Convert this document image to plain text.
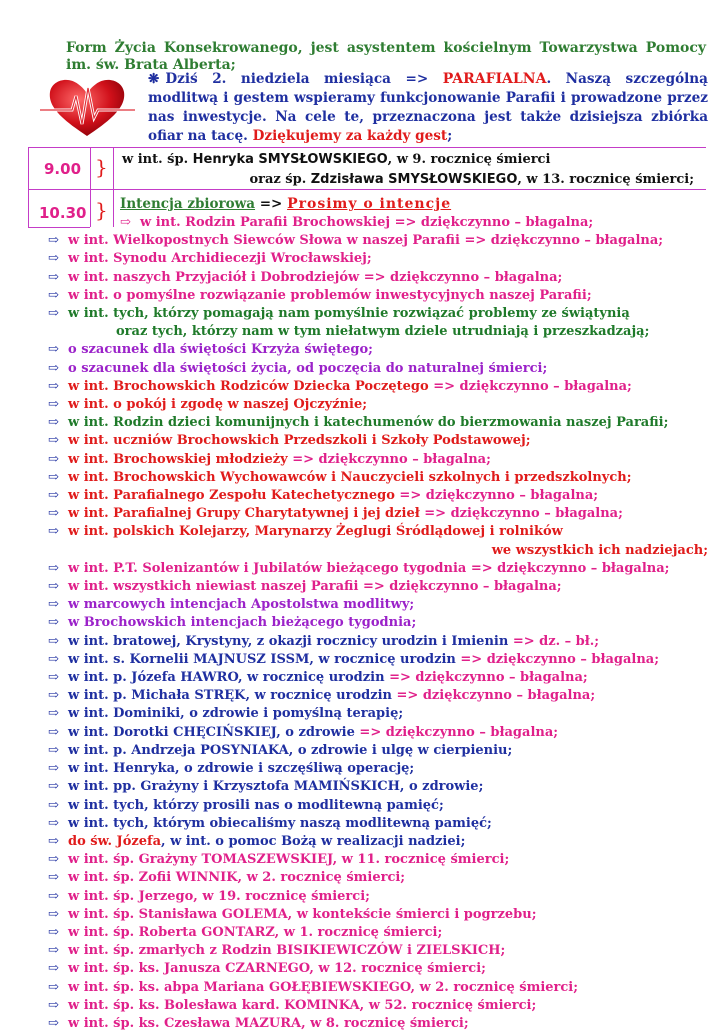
Form Życia Konsekrowanego, jest asystentem kościelnym Towarzystwa Pomocy im. św. Brata Alberta;
❋ Dziś 2. niedziela miesiąca => PARAFIALNA. Naszą szczególną modlitwą i gestem wspieramy funkcjonowanie Parafii i prowadzone przez nas inwestycje. Na cele te, przeznaczona jest także dzisiejsza zbiórka ofiar na tacę. Dziękujemy za każdy gest;
9.00 } w int. śp. Henryka SMYSŁOWSKIEGO, w 9. rocznicę śmierci
oraz śp. Zdzisława SMYSŁOWSKIEGO, w 13. rocznicę śmierci;
10.30 } Intencja zbiorowa => Prosimy o intencje
⇨ w int. Rodzin Parafii Brochowskiej => dziękczynno – błagalna;
⇨ w int. Wielkopostnych Siewców Słowa w naszej Parafii => dziękczynno – błagalna;
⇨ w int. Synodu Archidiecezji Wrocławskiej;
⇨ w int. naszych Przyjaciół i Dobrodziejów => dziękczynno – błagalna;
⇨ w int. o pomyślne rozwiązanie problemów inwestycyjnych naszej Parafii;
⇨ w int. tych, którzy pomagają nam pomyślnie rozwiązać problemy ze świątynią
oraz tych, którzy nam w tym niełatwym dziele utrudniają i przeszkadzają;
⇨ o szacunek dla świętości Krzyża świętego;
⇨ o szacunek dla świętości życia, od poczęcia do naturalnej śmierci;
⇨ w int. Brochowskich Rodziców Dziecka Poczętego => dziękczynno – błagalna;
⇨ w int. o pokój i zgodę w naszej Ojczyźnie;
⇨ w int. Rodzin dzieci komunijnych i katechumenów do bierzmowania naszej Parafii;
⇨ w int. uczniów Brochowskich Przedszkoli i Szkoły Podstawowej;
⇨ w int. Brochowskiej młodzieży => dziękczynno – błagalna;
⇨ w int. Brochowskich Wychowawców i Nauczycieli szkolnych i przedszkolnych;
⇨ w int. Parafialnego Zespołu Katechetycznego => dziękczynno – błagalna;
⇨ w int. Parafialnej Grupy Charytatywnej i jej dzieł => dziękczynno – błagalna;
⇨ w int. polskich Kolejarzy, Marynarzy Żeglugi Śródlądowej i rolników
we wszystkich ich nadziejach;
⇨ w int. P.T. Solenizantów i Jubilatów bieżącego tygodnia => dziękczynno – błagalna;
⇨ w int. wszystkich niewiast naszej Parafii => dziękczynno – błagalna;
⇨ w marcowych intencjach Apostolstwa modlitwy;
⇨ w Brochowskich intencjach bieżącego tygodnia;
⇨ w int. bratowej, Krystyny, z okazji rocznicy urodzin i Imienin => dz. – bł.;
⇨ w int. s. Kornelii MAJNUSZ ISSM, w rocznicę urodzin => dziękczynno – błagalna;
⇨ w int. p. Józefa HAWRO, w rocznicę urodzin => dziękczynno – błagalna;
⇨ w int. p. Michała STRĘK, w rocznicę urodzin => dziękczynno – błagalna;
⇨ w int. Dominiki, o zdrowie i pomyślną terapię;
⇨ w int. Dorotki CHĘCIŃSKIEJ, o zdrowie => dziękczynno – błagalna;
⇨ w int. p. Andrzeja POSYNIAKA, o zdrowie i ulgę w cierpieniu;
⇨ w int. Henryka, o zdrowie i szczęśliwą operację;
⇨ w int. pp. Grażyny i Krzysztofa MAMIŃSKICH, o zdrowie;
⇨ w int. tych, którzy prosili nas o modlitewną pamięć;
⇨ w int. tych, którym obiecaliśmy naszą modlitewną pamięć;
⇨ do św. Józefa, w int. o pomoc Bożą w realizacji nadziei;
⇨ w int. śp. Grażyny TOMASZEWSKIEJ, w 11. rocznicę śmierci;
⇨ w int. śp. Zofii WINNIK, w 2. rocznicę śmierci;
⇨ w int. śp. Jerzego, w 19. rocznicę śmierci;
⇨ w int. śp. Stanisława GOLEMA, w kontekście śmierci i pogrzebu;
⇨ w int. śp. Roberta GONTARZ, w 1. rocznicę śmierci;
⇨ w int. śp. zmarłych z Rodzin BISIKIEWICZÓW i ZIELSKICH;
⇨ w int. śp. ks. Janusza CZARNEGO, w 12. rocznicę śmierci;
⇨ w int. śp. ks. abpa Mariana GOŁĘBIEWSKIEGO, w 2. rocznicę śmierci;
⇨ w int. śp. ks. Bolesława kard. KOMINKA, w 52. rocznicę śmierci;
⇨ w int. śp. ks. Czesława MAZURA, w 8. rocznicę śmierci;
